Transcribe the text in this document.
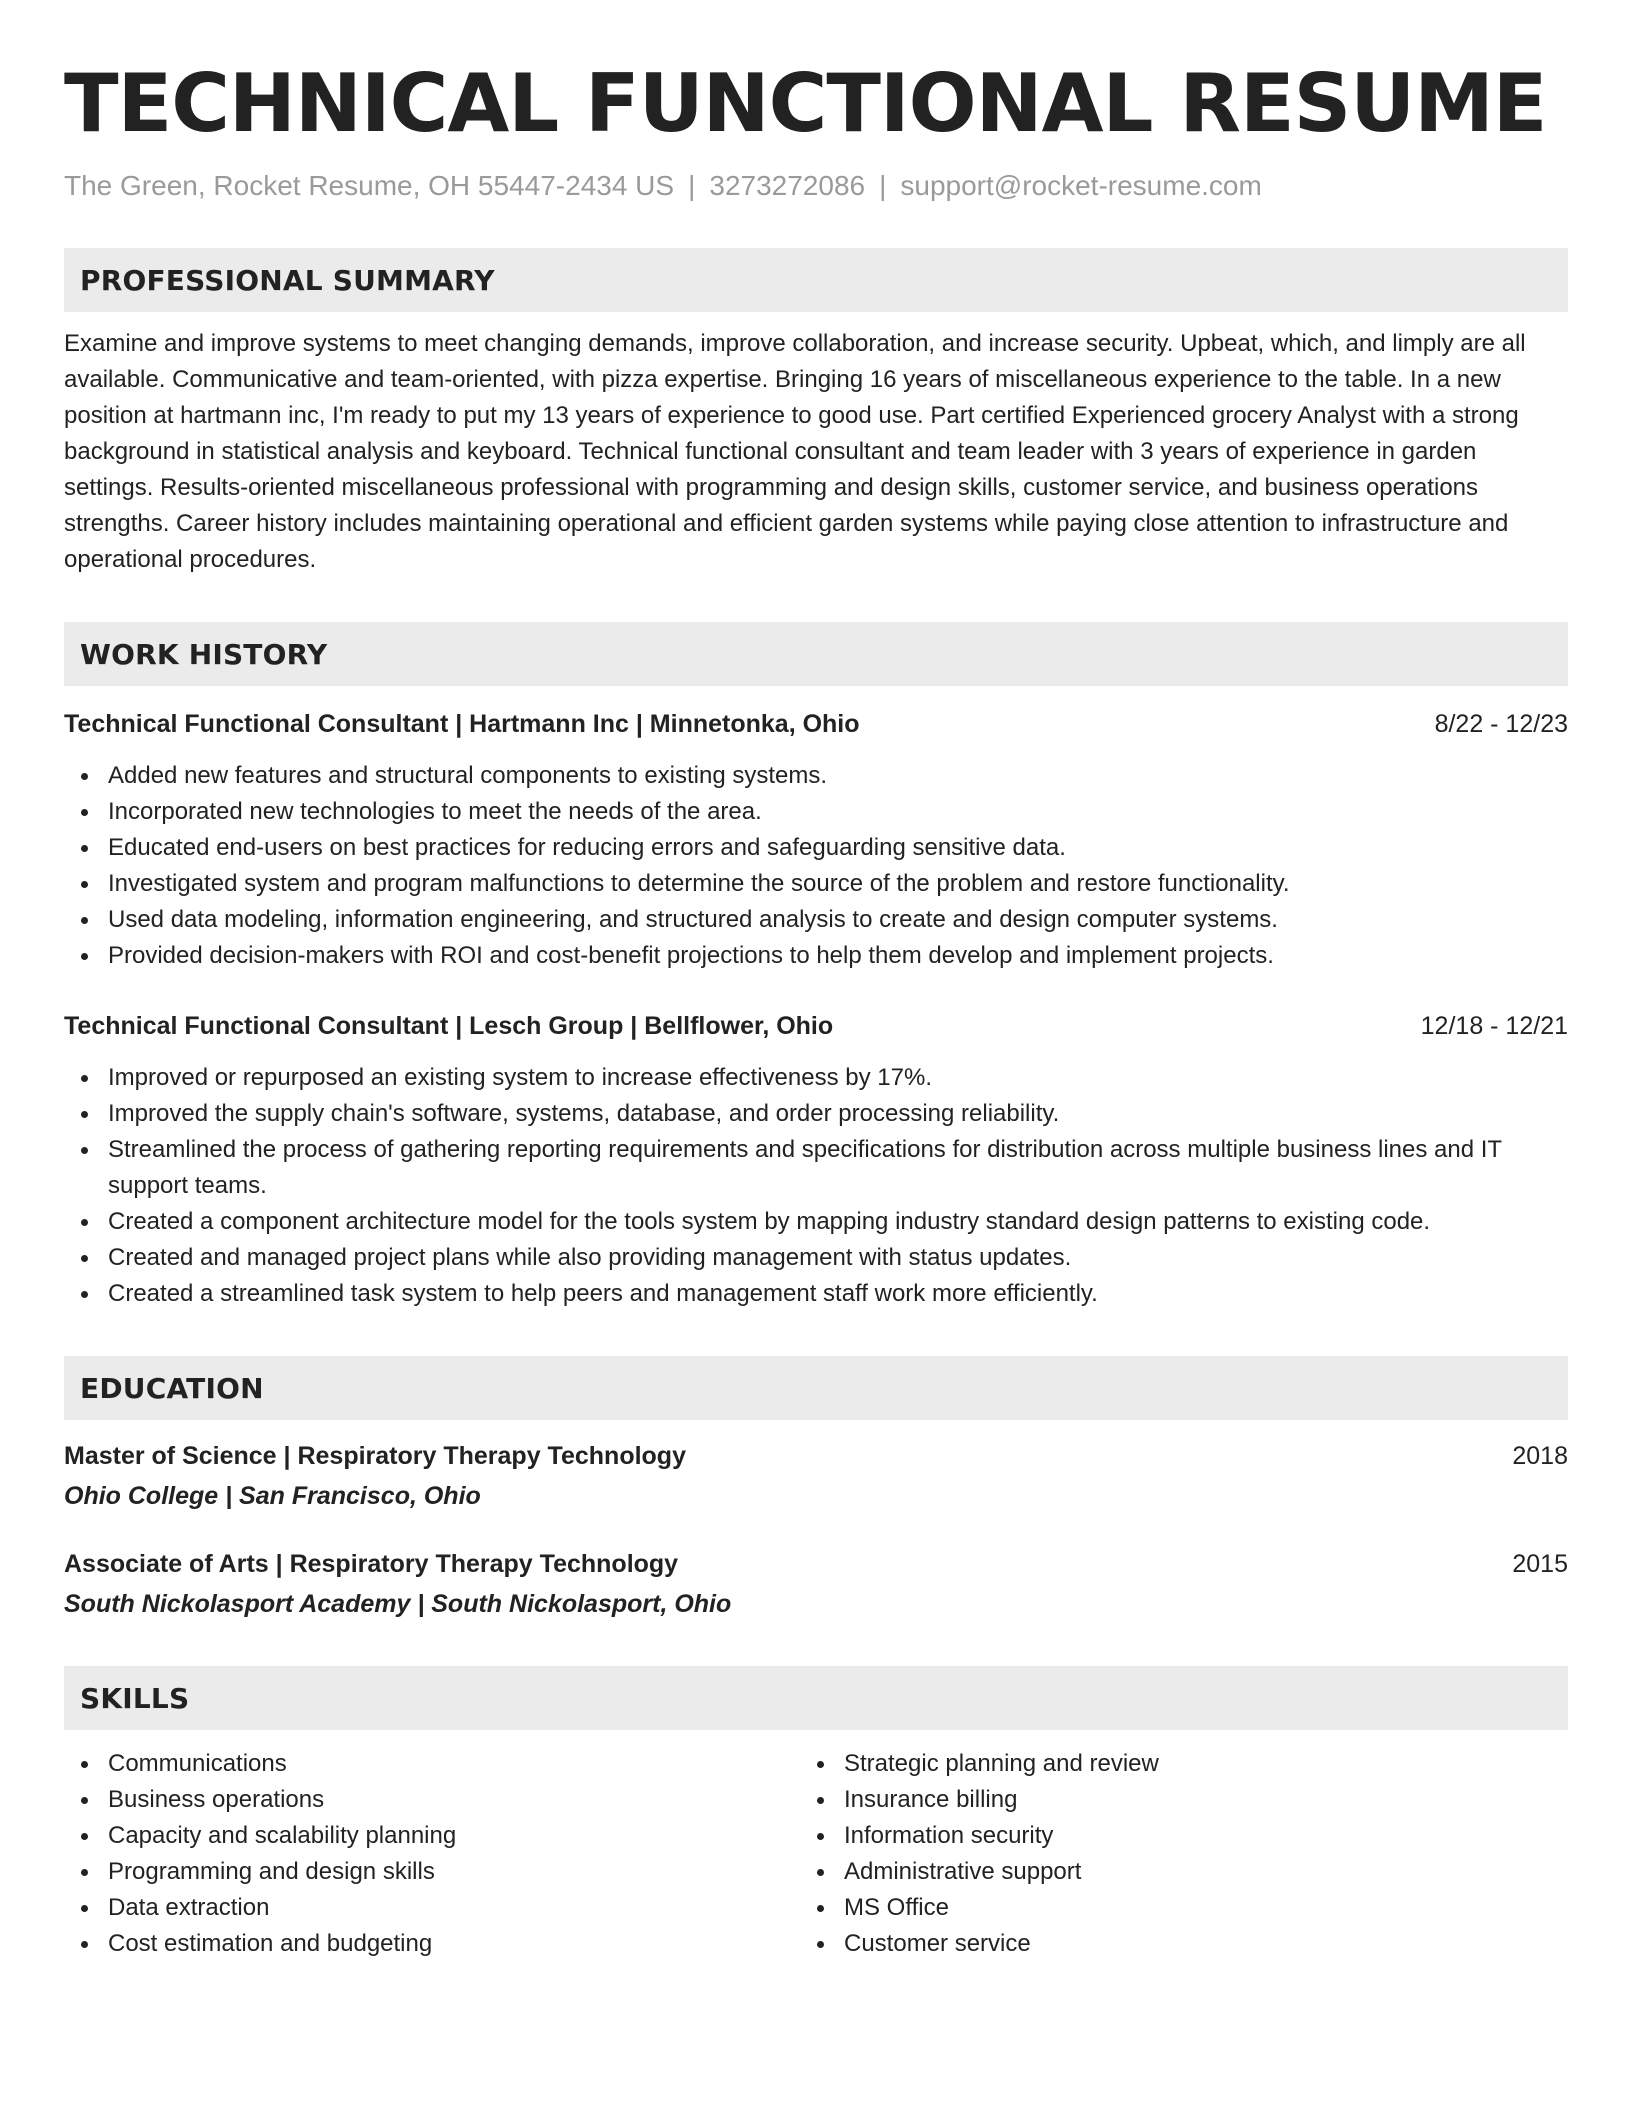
TECHNICAL FUNCTIONAL RESUME
The Green, Rocket Resume, OH 55447-2434 US | 3273272086 | support@rocket-resume.com
PROFESSIONAL SUMMARY

Examine and improve systems to meet changing demands, improve collaboration, and increase security. Upbeat, which, and limply are all available. Communicative and team-oriented, with pizza expertise. Bringing 16 years of miscellaneous experience to the table. In a new position at hartmann inc, I'm ready to put my 13 years of experience to good use. Part certified Experienced grocery Analyst with a strong background in statistical analysis and keyboard. Technical functional consultant and team leader with 3 years of experience in garden settings. Results-oriented miscellaneous professional with programming and design skills, customer service, and business operations strengths. Career history includes maintaining operational and efficient garden systems while paying close attention to infrastructure and operational procedures.

WORK HISTORY
Technical Functional Consultant | Hartmann Inc | Minnetonka, Ohio	8/22 - 12/23
Added new features and structural components to existing systems.
Incorporated new technologies to meet the needs of the area.
Educated end-users on best practices for reducing errors and safeguarding sensitive data.
Investigated system and program malfunctions to determine the source of the problem and restore functionality.
Used data modeling, information engineering, and structured analysis to create and design computer systems.
Provided decision-makers with ROI and cost-benefit projections to help them develop and implement projects.
Technical Functional Consultant | Lesch Group | Bellflower, Ohio	12/18 - 12/21
Improved or repurposed an existing system to increase effectiveness by 17%.
Improved the supply chain's software, systems, database, and order processing reliability.
Streamlined the process of gathering reporting requirements and specifications for distribution across multiple business lines and IT support teams.
Created a component architecture model for the tools system by mapping industry standard design patterns to existing code.
Created and managed project plans while also providing management with status updates.
Created a streamlined task system to help peers and management staff work more efficiently.
EDUCATION
Master of Science | Respiratory Therapy Technology	2018
Ohio College | San Francisco, Ohio
Associate of Arts | Respiratory Therapy Technology	2015
South Nickolasport Academy | South Nickolasport, Ohio
SKILLS
Communications
Business operations
Capacity and scalability planning
Programming and design skills
Data extraction
Cost estimation and budgeting
Strategic planning and review
Insurance billing
Information security
Administrative support
MS Office
Customer service
